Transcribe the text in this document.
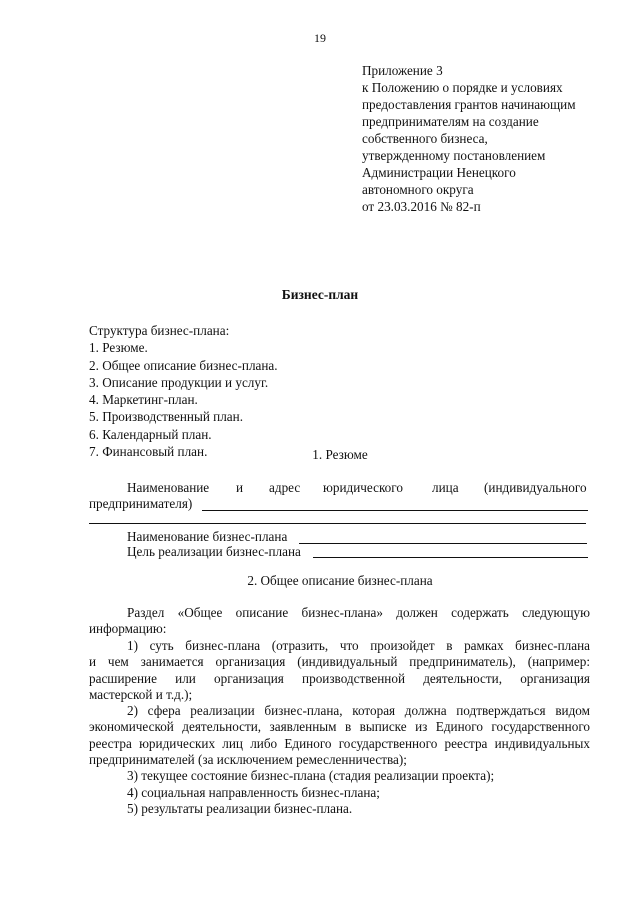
19
Приложение 3
к Положению о порядке и условиях
предоставления грантов начинающим
предпринимателям на создание
собственного бизнеса,
утвержденному постановлением
Администрации Ненецкого
автономного округа
от 23.03.2016 № 82-п
Бизнес-план
Структура бизнес-плана:
1. Резюме.
2. Общее описание бизнес-плана.
3. Описание продукции и услуг.
4. Маркетинг-план.
5. Производственный план.
6. Календарный план.
7. Финансовый план.	1. Резюме
Наименование и адрес юридического лица (индивидуального
предпринимателя)
Наименование бизнес-плана
Цель реализации бизнес-плана
2. Общее описание бизнес-плана
Раздел «Общее описание бизнес-плана» должен содержать следующую
информацию:
1) суть бизнес-плана (отразить, что произойдет в рамках бизнес-плана
и чем занимается организация (индивидуальный предприниматель), (например:
расширение или организация производственной деятельности, организация
мастерской и т.д.);
2) сфера реализации бизнес-плана, которая должна подтверждаться видом
экономической деятельности, заявленным в выписке из Единого государственного
реестра юридических лиц либо Единого государственного реестра индивидуальных
предпринимателей (за исключением ремесленничества);
3) текущее состояние бизнес-плана (стадия реализации проекта);
4) социальная направленность бизнес-плана;
5) результаты реализации бизнес-плана.
